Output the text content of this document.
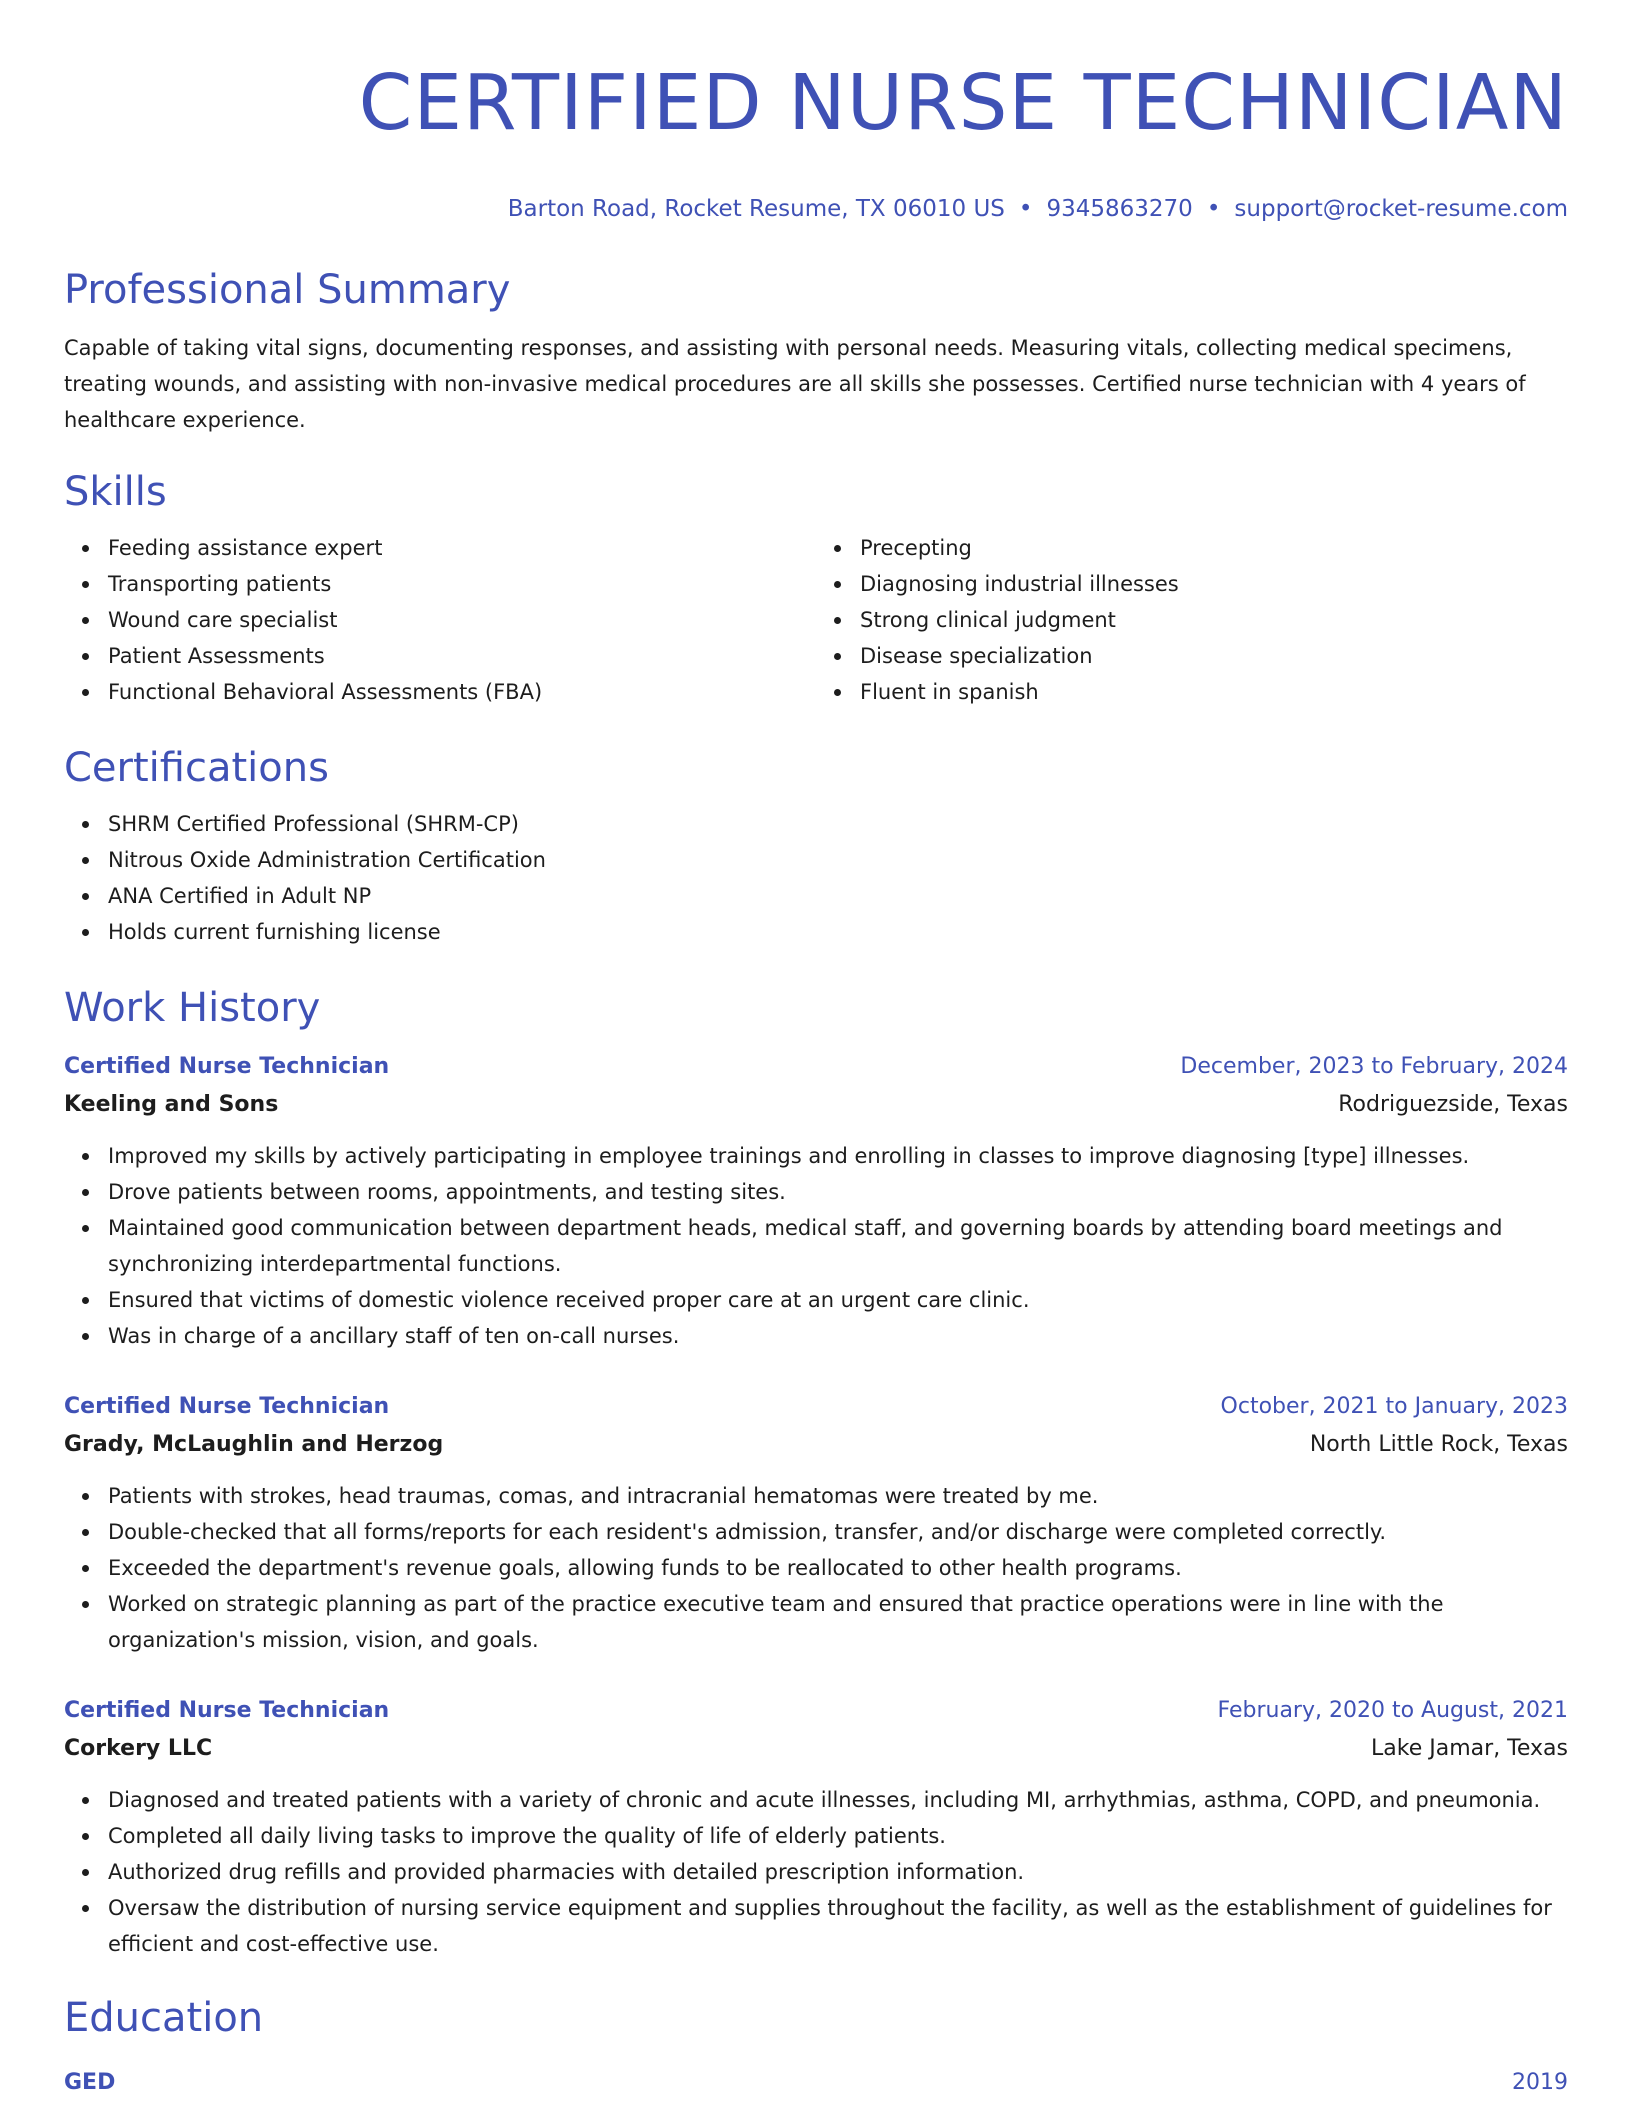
CERTIFIED NURSE TECHNICIAN
Barton Road, Rocket Resume, TX 06010 US • 9345863270 • support@rocket-resume.com
Professional Summary
Capable of taking vital signs, documenting responses, and assisting with personal needs. Measuring vitals, collecting medical specimens, treating wounds, and assisting with non-invasive medical procedures are all skills she possesses. Certified nurse technician with 4 years of healthcare experience.
Skills
Feeding assistance expert
Transporting patients
Wound care specialist
Patient Assessments
Functional Behavioral Assessments (FBA)
Precepting
Diagnosing industrial illnesses
Strong clinical judgment
Disease specialization
Fluent in spanish
Certifications
SHRM Certified Professional (SHRM-CP)
Nitrous Oxide Administration Certification
ANA Certified in Adult NP
Holds current furnishing license
Work History
Certified Nurse Technician	December, 2023 to February, 2024
Keeling and Sons	Rodriguezside, Texas
Improved my skills by actively participating in employee trainings and enrolling in classes to improve diagnosing [type] illnesses.
Drove patients between rooms, appointments, and testing sites.
Maintained good communication between department heads, medical staff, and governing boards by attending board meetings and synchronizing interdepartmental functions.
Ensured that victims of domestic violence received proper care at an urgent care clinic.
Was in charge of a ancillary staff of ten on-call nurses.
Certified Nurse Technician	October, 2021 to January, 2023
Grady, McLaughlin and Herzog	North Little Rock, Texas
Patients with strokes, head traumas, comas, and intracranial hematomas were treated by me.
Double-checked that all forms/reports for each resident's admission, transfer, and/or discharge were completed correctly.
Exceeded the department's revenue goals, allowing funds to be reallocated to other health programs.
Worked on strategic planning as part of the practice executive team and ensured that practice operations were in line with the organization's mission, vision, and goals.
Certified Nurse Technician	February, 2020 to August, 2021
Corkery LLC	Lake Jamar, Texas
Diagnosed and treated patients with a variety of chronic and acute illnesses, including MI, arrhythmias, asthma, COPD, and pneumonia.
Completed all daily living tasks to improve the quality of life of elderly patients.
Authorized drug refills and provided pharmacies with detailed prescription information.
Oversaw the distribution of nursing service equipment and supplies throughout the facility, as well as the establishment of guidelines for efficient and cost-effective use.
Education
GED	2019
